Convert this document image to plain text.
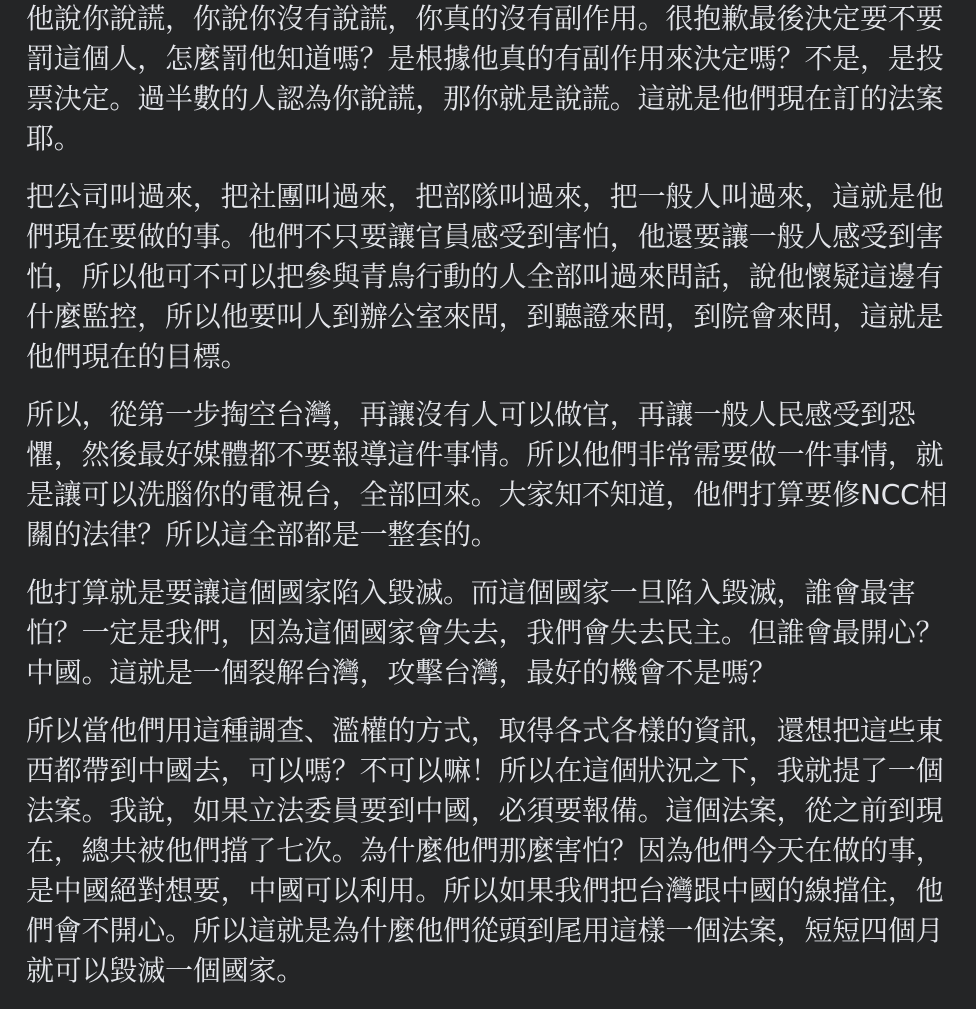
他說你說謊，你說你沒有說謊，你真的沒有副作用。很抱歉最後決定要不要罰這個人，怎麼罰他知道嗎？是根據他真的有副作用來決定嗎？不是，是投票決定。過半數的人認為你說謊，那你就是說謊。這就是他們現在訂的法案耶。

把公司叫過來，把社團叫過來，把部隊叫過來，把一般人叫過來，這就是他們現在要做的事。他們不只要讓官員感受到害怕，他還要讓一般人感受到害怕，所以他可不可以把參與青鳥行動的人全部叫過來問話，說他懷疑這邊有什麼監控，所以他要叫人到辦公室來問，到聽證來問，到院會來問，這就是他們現在的目標。

所以，從第一步掏空台灣，再讓沒有人可以做官，再讓一般人民感受到恐懼，然後最好媒體都不要報導這件事情。所以他們非常需要做一件事情，就是讓可以洗腦你的電視台，全部回來。大家知不知道，他們打算要修NCC相關的法律？所以這全部都是一整套的。

他打算就是要讓這個國家陷入毀滅。而這個國家一旦陷入毀滅，誰會最害怕？一定是我們，因為這個國家會失去，我們會失去民主。但誰會最開心？中國。這就是一個裂解台灣，攻擊台灣，最好的機會不是嗎？

所以當他們用這種調查、濫權的方式，取得各式各樣的資訊，還想把這些東西都帶到中國去，可以嗎？不可以嘛！所以在這個狀況之下，我就提了一個法案。我說，如果立法委員要到中國，必須要報備。這個法案，從之前到現在，總共被他們擋了七次。為什麼他們那麼害怕？因為他們今天在做的事，是中國絕對想要，中國可以利用。所以如果我們把台灣跟中國的線擋住，他們會不開心。所以這就是為什麼他們從頭到尾用這樣一個法案，短短四個月就可以毀滅一個國家。
